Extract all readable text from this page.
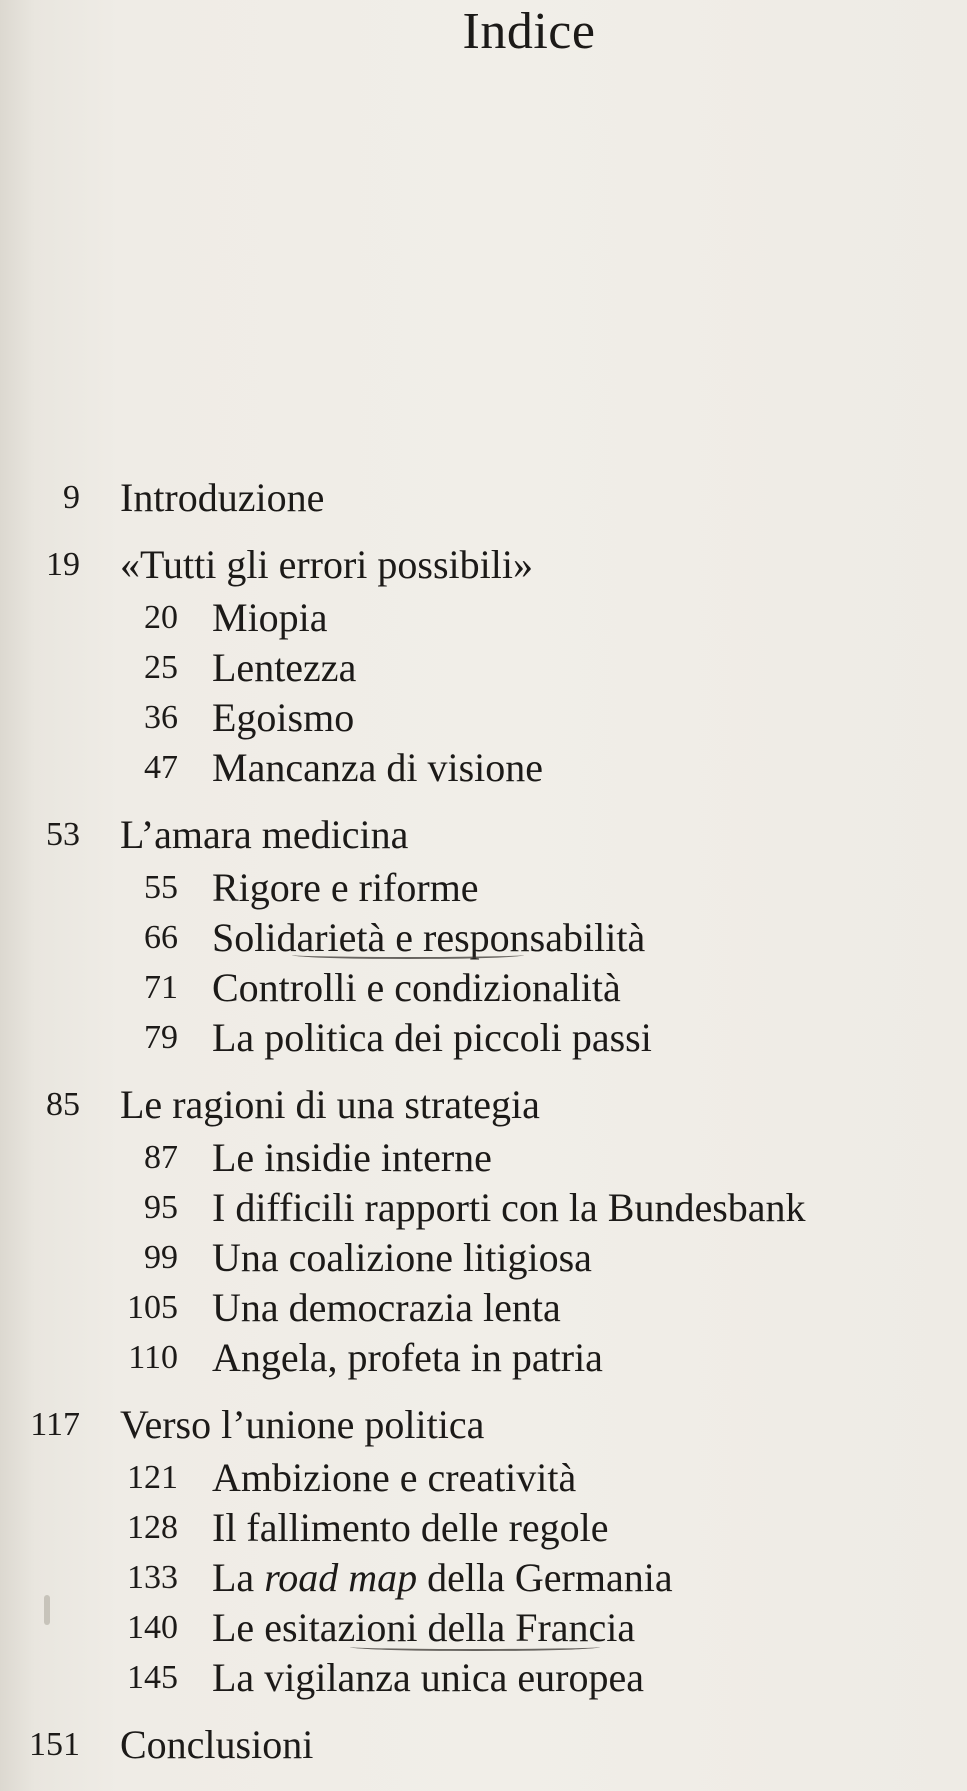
Indice
9 Introduzione
19 «Tutti gli errori possibili»
20 Miopia
25 Lentezza
36 Egoismo
47 Mancanza di visione
53 L’amara medicina
55 Rigore e riforme
66 Solidarietà e responsabilità
71 Controlli e condizionalità
79 La politica dei piccoli passi
85 Le ragioni di una strategia
87 Le insidie interne
95 I difficili rapporti con la Bundesbank
99 Una coalizione litigiosa
105 Una democrazia lenta
110 Angela, profeta in patria
117 Verso l’unione politica
121 Ambizione e creatività
128 Il fallimento delle regole
133 La road map della Germania
140 Le esitazioni della Francia
145 La vigilanza unica europea
151 Conclusioni
